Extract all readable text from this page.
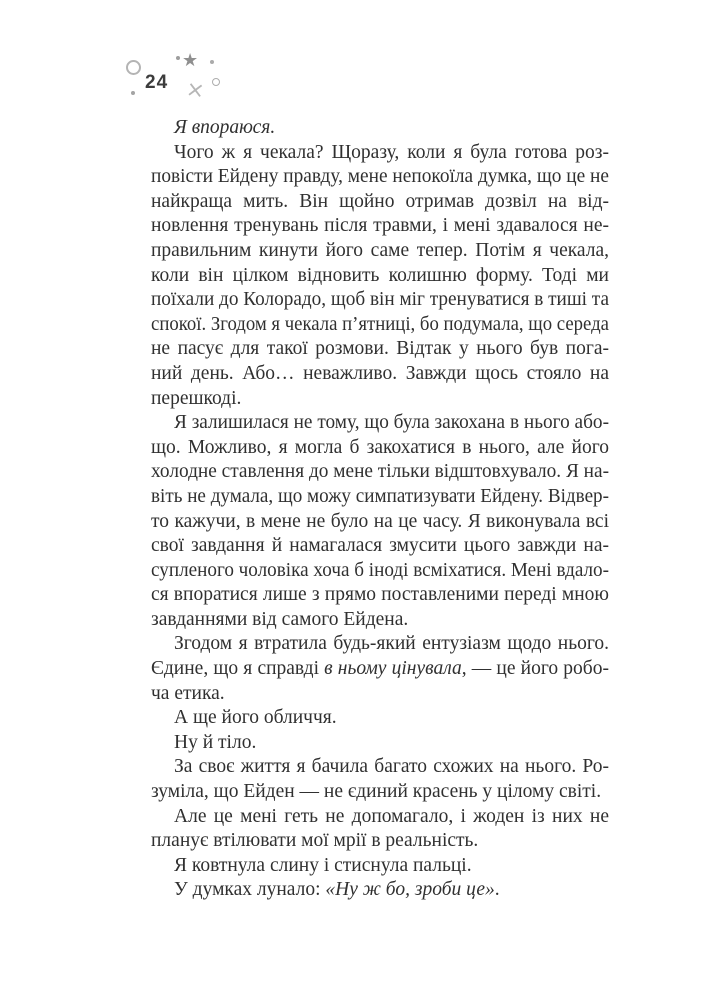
★
×
24
Я впораюся.
Чого ж я чекала? Щоразу, коли я була готова роз-
повісти Ейдену правду, мене непокоїла думка, що це не
найкраща мить. Він щойно отримав дозвіл на від-
новлення тренувань після травми, і мені здавалося не-
правильним кинути його саме тепер. Потім я чекала,
коли він цілком відновить колишню форму. Тоді ми
поїхали до Колорадо, щоб він міг тренуватися в тиші та
спокої. Згодом я чекала п’ятниці, бо подумала, що середа
не пасує для такої розмови. Відтак у нього був пога-
ний день. Або… неважливо. Завжди щось стояло на
перешкоді.
Я залишилася не тому, що була закохана в нього або-
що. Можливо, я могла б закохатися в нього, але його
холодне ставлення до мене тільки відштовхувало. Я на-
віть не думала, що можу симпатизувати Ейдену. Відвер-
то кажучи, в мене не було на це часу. Я виконувала всі
свої завдання й намагалася змусити цього завжди на-
супленого чоловіка хоча б іноді всміхатися. Мені вдало-
ся впоратися лише з прямо поставленими переді мною
завданнями від самого Ейдена.
Згодом я втратила будь-який ентузіазм щодо нього.
Єдине, що я справді в ньому цінувала, — це його робо-
ча етика.
А ще його обличчя.
Ну й тіло.
За своє життя я бачила багато схожих на нього. Ро-
зуміла, що Ейден — не єдиний красень у цілому світі.
Але це мені геть не допомагало, і жоден із них не
планує втілювати мої мрії в реальність.
Я ковтнула слину і стиснула пальці.
У думках лунало: «Ну ж бо, зроби це».
